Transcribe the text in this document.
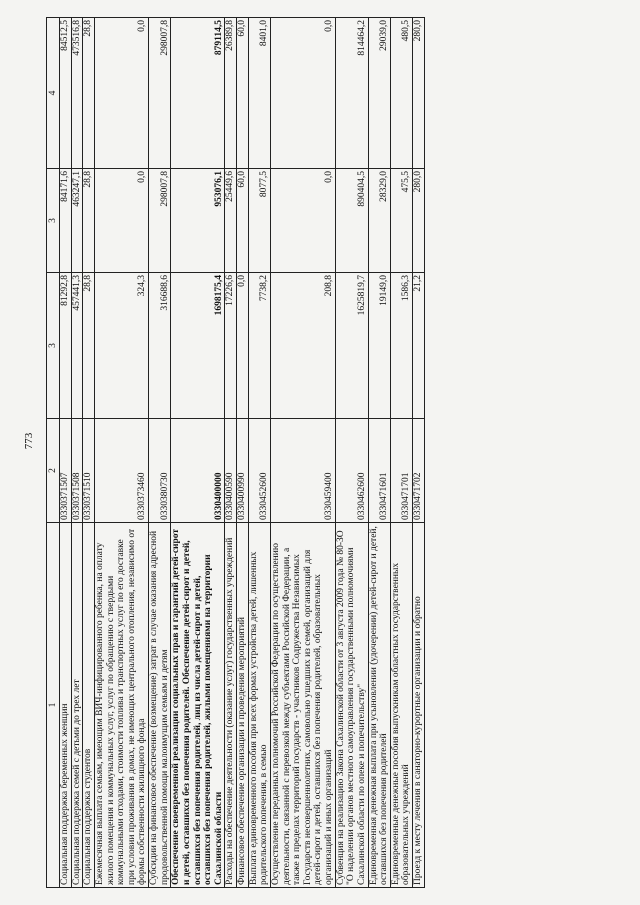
773
1	2	3	3	4
Социальная поддержка беременных женщин	0330371507	81292,8	84171,6	84512,5
Социальная поддержка семей с детьми до трех лет	0330371508	457441,3	463247,1	473516,8
Социальная поддержка студентов	0330371510	28,8	28,8	28,8
Ежемесячная выплата семьям, имеющим ВИЧ-инфицированного ребенка, на оплату жилого помещения и коммунальных услуг, услуг по обращению с твердыми коммунальными отходами, стоимости топлива и транспортных услуг по его доставке при условии проживания в домах, не имеющих центрального отопления, независимо от формы собственности жилищного фонда	0330373460	324,3	0,0	0,0
Субсидии на финансовое обеспечение (возмещение) затрат в случае оказания адресной продовольственной помощи малоимущим семьям и детям	0330380730	316688,6	298007,8	298007,8
Обеспечение своевременной реализации социальных прав и гарантий детей-сирот и детей, оставшихся без попечения родителей. Обеспечение детей-сирот и детей, оставшихся без попечения родителей, лиц из числа детей-сирот и детей, оставшихся без попечения родителей, жилыми помещениями на территории Сахалинской области	0330400000	1698175,4	953076,1	879114,5
Расходы на обеспечение деятельности (оказание услуг) государственных учреждений	0330400590	17226,6	25449,6	26389,8
Финансовое обеспечение организации и проведения мероприятий	0330400990	0,0	60,0	60,0
Выплата единовременного пособия при всех формах устройства детей, лишенных родительского попечения, в семью	0330452600	7738,2	8077,5	8401,0
Осуществление переданных полномочий Российской Федерации по осуществлению деятельности, связанной с перевозкой между субъектами Российской Федерации, а также в пределах территорий государств - участников Содружества Независимых Государств несовершеннолетних, самовольно ушедших из семей, организаций для детей-сирот и детей, оставшихся без попечения родителей, образовательных организаций и иных организаций	0330459400	208,8	0,0	0,0
Субвенция на реализацию Закона Сахалинской области от 3 августа 2009 года № 80-ЗО "О наделении органов местного самоуправления государственными полномочиями Сахалинской области по опеке и попечительству"	0330462600	1625819,7	890404,5	814464,2
Единовременная денежная выплата при усыновлении (удочерении) детей-сирот и детей, оставшихся без попечения родителей	0330471601	19149,0	28329,0	29039,0
Единовременные денежные пособия выпускникам областных государственных образовательных учреждений	0330471701	1586,3	475,5	480,5
Проезд к месту лечения в санаторно-курортные организации и обратно	0330471702	21,2	280,0	280,0
